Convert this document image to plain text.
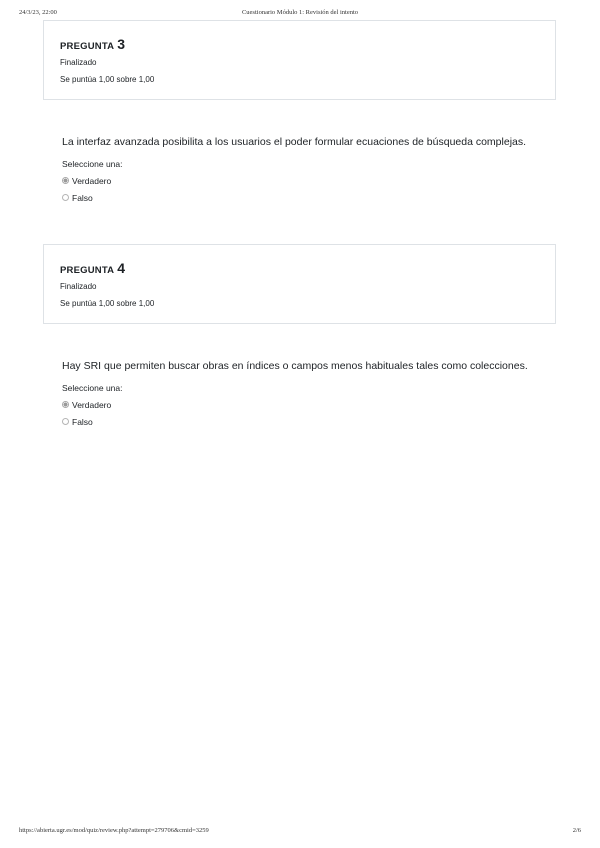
24/3/23, 22:00	Cuestionario Módulo 1: Revisión del intento
PREGUNTA 3
Finalizado
Se puntúa 1,00 sobre 1,00
La interfaz avanzada posibilita a los usuarios el poder formular ecuaciones de búsqueda complejas.
Seleccione una:
Verdadero
Falso
PREGUNTA 4
Finalizado
Se puntúa 1,00 sobre 1,00
Hay SRI que permiten buscar obras en índices o campos menos habituales tales como colecciones.
Seleccione una:
Verdadero
Falso
https://abierta.ugr.es/mod/quiz/review.php?attempt=279706&cmid=3259	2/6
